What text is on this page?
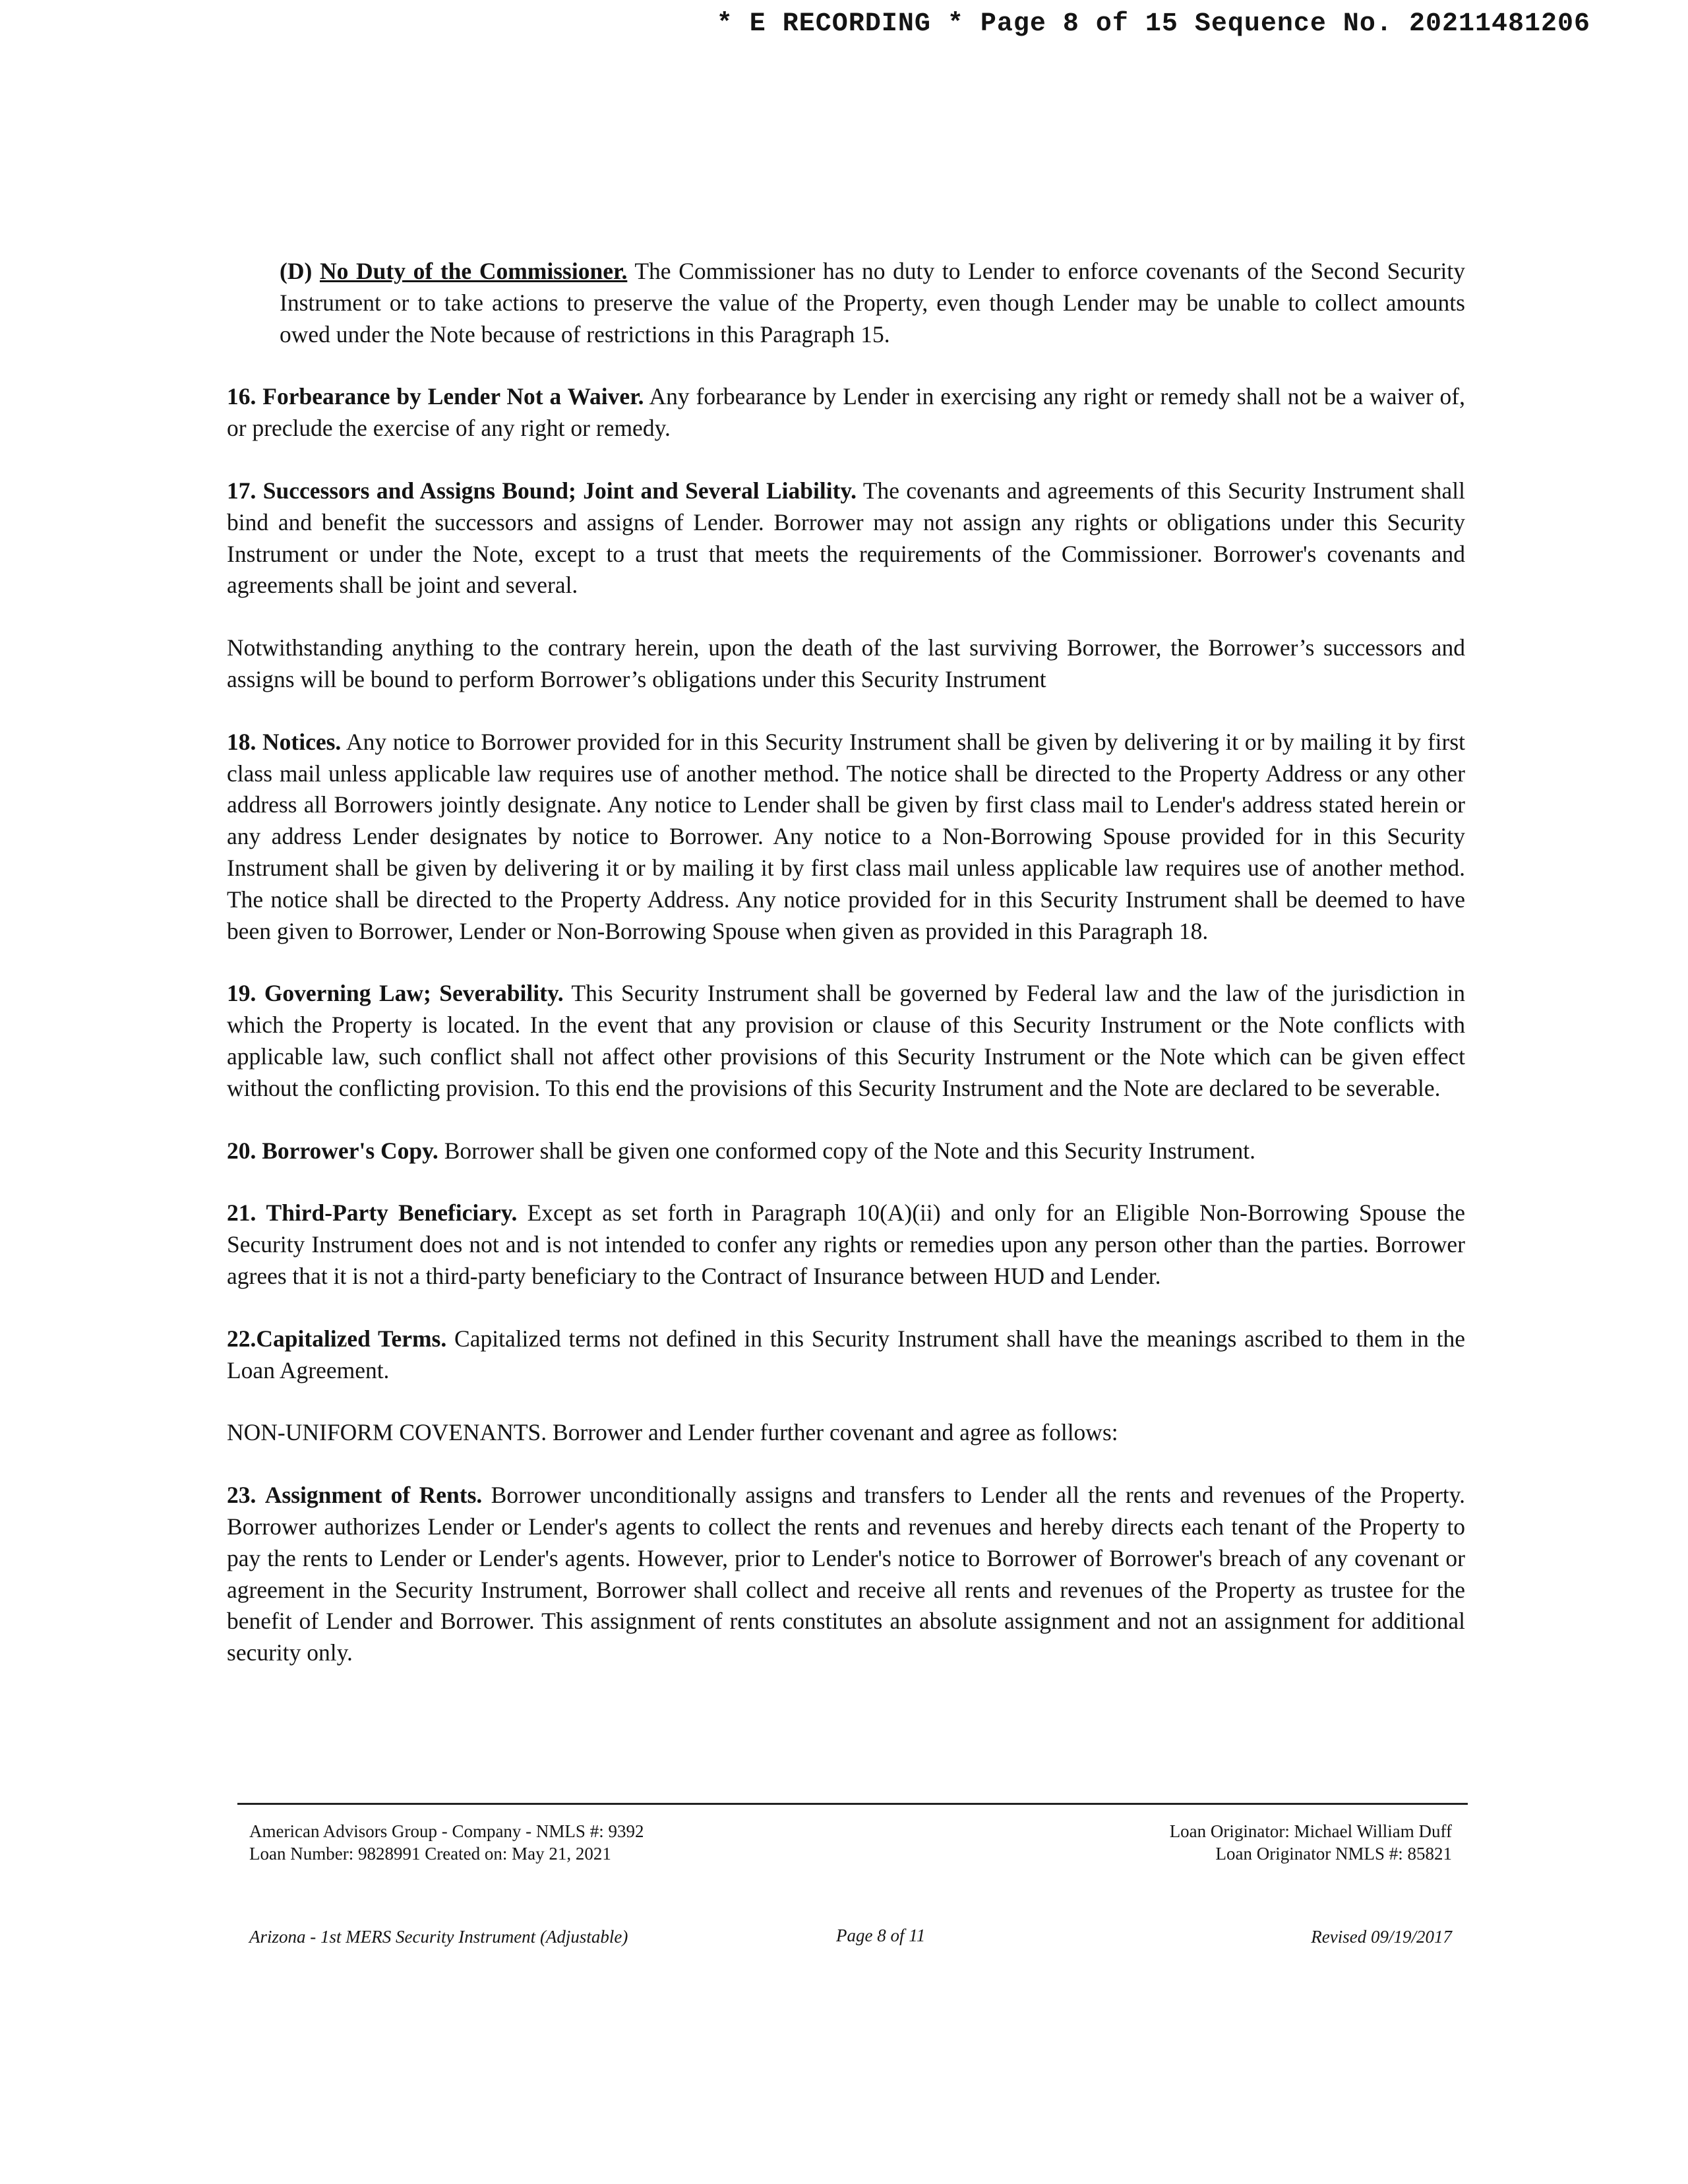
* E RECORDING * Page 8 of 15 Sequence No. 20211481206

(D) No Duty of the Commissioner. The Commissioner has no duty to Lender to enforce covenants of the Second Security Instrument or to take actions to preserve the value of the Property, even though Lender may be unable to collect amounts owed under the Note because of restrictions in this Paragraph 15.

16. Forbearance by Lender Not a Waiver. Any forbearance by Lender in exercising any right or remedy shall not be a waiver of, or preclude the exercise of any right or remedy.

17. Successors and Assigns Bound; Joint and Several Liability. The covenants and agreements of this Security Instrument shall bind and benefit the successors and assigns of Lender. Borrower may not assign any rights or obligations under this Security Instrument or under the Note, except to a trust that meets the requirements of the Commissioner. Borrower's covenants and agreements shall be joint and several.

Notwithstanding anything to the contrary herein, upon the death of the last surviving Borrower, the Borrower’s successors and assigns will be bound to perform Borrower’s obligations under this Security Instrument

18. Notices. Any notice to Borrower provided for in this Security Instrument shall be given by delivering it or by mailing it by first class mail unless applicable law requires use of another method. The notice shall be directed to the Property Address or any other address all Borrowers jointly designate. Any notice to Lender shall be given by first class mail to Lender's address stated herein or any address Lender designates by notice to Borrower. Any notice to a Non-Borrowing Spouse provided for in this Security Instrument shall be given by delivering it or by mailing it by first class mail unless applicable law requires use of another method. The notice shall be directed to the Property Address. Any notice provided for in this Security Instrument shall be deemed to have been given to Borrower, Lender or Non-Borrowing Spouse when given as provided in this Paragraph 18.

19. Governing Law; Severability. This Security Instrument shall be governed by Federal law and the law of the jurisdiction in which the Property is located. In the event that any provision or clause of this Security Instrument or the Note conflicts with applicable law, such conflict shall not affect other provisions of this Security Instrument or the Note which can be given effect without the conflicting provision. To this end the provisions of this Security Instrument and the Note are declared to be severable.

20. Borrower's Copy. Borrower shall be given one conformed copy of the Note and this Security Instrument.

21. Third-Party Beneficiary. Except as set forth in Paragraph 10(A)(ii) and only for an Eligible Non-Borrowing Spouse the Security Instrument does not and is not intended to confer any rights or remedies upon any person other than the parties. Borrower agrees that it is not a third-party beneficiary to the Contract of Insurance between HUD and Lender.

22.Capitalized Terms. Capitalized terms not defined in this Security Instrument shall have the meanings ascribed to them in the Loan Agreement.

NON-UNIFORM COVENANTS. Borrower and Lender further covenant and agree as follows:

23. Assignment of Rents. Borrower unconditionally assigns and transfers to Lender all the rents and revenues of the Property. Borrower authorizes Lender or Lender's agents to collect the rents and revenues and hereby directs each tenant of the Property to pay the rents to Lender or Lender's agents. However, prior to Lender's notice to Borrower of Borrower's breach of any covenant or agreement in the Security Instrument, Borrower shall collect and receive all rents and revenues of the Property as trustee for the benefit of Lender and Borrower. This assignment of rents constitutes an absolute assignment and not an assignment for additional security only.

American Advisors Group - Company - NMLS #: 9392
Loan Number: 9828991 Created on: May 21, 2021
Loan Originator: Michael William Duff
Loan Originator NMLS #: 85821
Arizona - 1st MERS Security Instrument (Adjustable)	Page 8 of 11	Revised 09/19/2017
